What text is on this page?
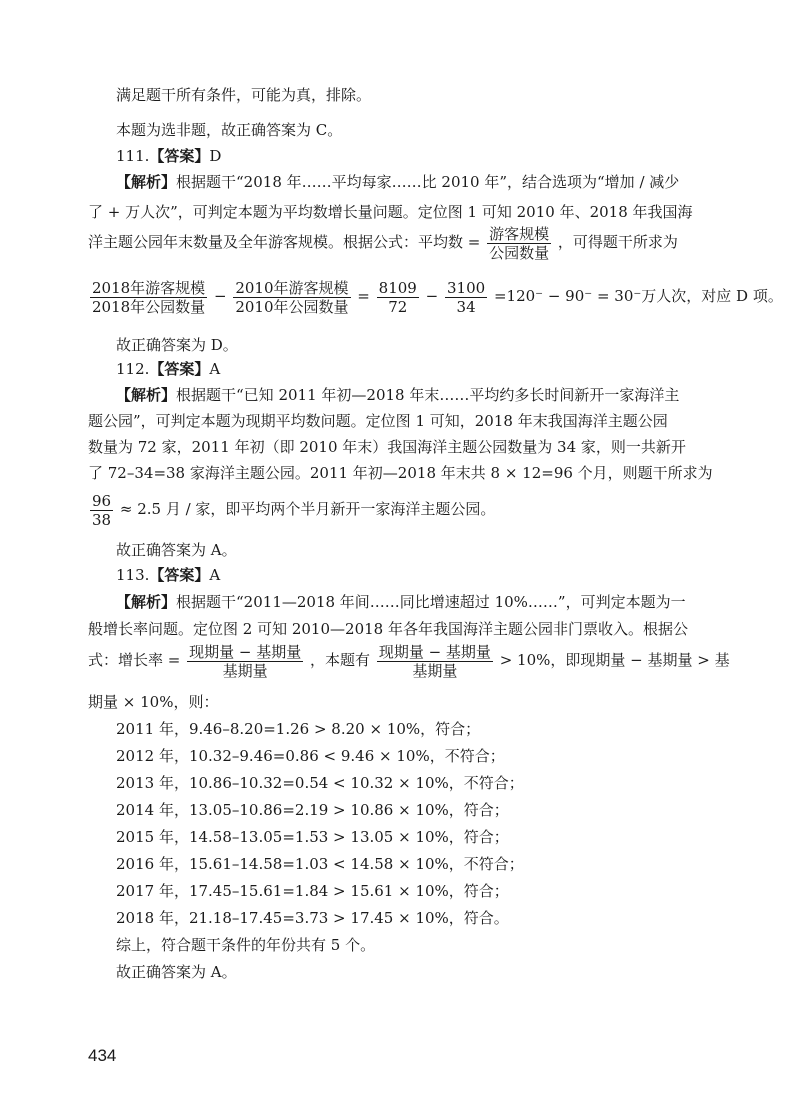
满足题干所有条件，可能为真，排除。
本题为选非题，故正确答案为 C。
111.【答案】D
【解析】根据题干“2018 年……平均每家……比 2010 年”，结合选项为“增加 / 减少
了 + 万人次”，可判定本题为平均数增长量问题。定位图 1 可知 2010 年、2018 年我国海
洋主题公园年末数量及全年游客规模。根据公式：平均数 = $\frac{\text{游客规模}}{\text{公园数量}}$ ，可得题干所求为
$\frac{\text{2018年游客规模}}{\text{2018年公园数量}} - \frac{\text{2010年游客规模}}{\text{2010年公园数量}} = \frac{8109}{72} - \frac{3100}{34} =120^- - 90^- = 30^-$万人次，对应 D 项。
故正确答案为 D。
112.【答案】A
【解析】根据题干“已知 2011 年初—2018 年末……平均约多长时间新开一家海洋主
题公园”，可判定本题为现期平均数问题。定位图 1 可知，2018 年末我国海洋主题公园
数量为 72 家，2011 年初（即 2010 年末）我国海洋主题公园数量为 34 家，则一共新开
了 72–34=38 家海洋主题公园。2011 年初—2018 年末共 8 × 12=96 个月，则题干所求为
$\frac{96}{38} \approx 2.5$ 月 / 家，即平均两个半月新开一家海洋主题公园。
故正确答案为 A。
113.【答案】A
【解析】根据题干“2011—2018 年间……同比增速超过 10%……”，可判定本题为一
般增长率问题。定位图 2 可知 2010—2018 年各年我国海洋主题公园非门票收入。根据公
式：增长率 = $\frac{\text{现期量 − 基期量}}{\text{基期量}}$ ，本题有 $\frac{\text{现期量 − 基期量}}{\text{基期量}} > 10\%$，即现期量 − 基期量 > 基
期量 × 10%，则：
2011 年，9.46–8.20=1.26 > 8.20 × 10%，符合；
2012 年，10.32–9.46=0.86 < 9.46 × 10%，不符合；
2013 年，10.86–10.32=0.54 < 10.32 × 10%，不符合；
2014 年，13.05–10.86=2.19 > 10.86 × 10%，符合；
2015 年，14.58–13.05=1.53 > 13.05 × 10%，符合；
2016 年，15.61–14.58=1.03 < 14.58 × 10%，不符合；
2017 年，17.45–15.61=1.84 > 15.61 × 10%，符合；
2018 年，21.18–17.45=3.73 > 17.45 × 10%，符合。
综上，符合题干条件的年份共有 5 个。
故正确答案为 A。
434
